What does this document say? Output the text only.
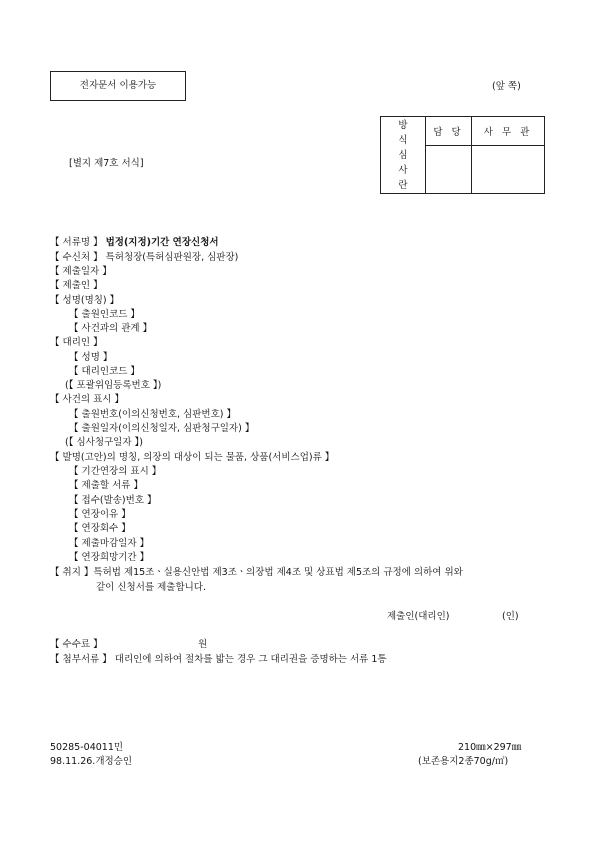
전자문서 이용가능	(앞 쪽)
[별지 제7호 서식]
방
식
심
사
란	담 당	사 무 관

【 서류명 】 법정(지정)기간 연장신청서
【 수신처 】 특허청장(특허심판원장, 심판장)
【 제출일자 】
【 제출인 】
【 성명(명칭) 】
【 출원인코드 】
【 사건과의 관계 】
【 대리인 】
【 성명 】
【 대리인코드 】
(【 포괄위임등록번호 】)
【 사건의 표시 】
【 출원번호(이의신청번호, 심판번호) 】
【 출원일자(이의신청일자, 심판청구일자) 】
(【 심사청구일자 】)
【 발명(고안)의 명칭, 의장의 대상이 되는 물품, 상품(서비스업)류 】
【 기간연장의 표시 】
【 제출할 서류 】
【 접수(발송)번호 】
【 연장이유 】
【 연장회수 】
【 제출마감일자 】
【 연장희망기간 】
【 취지 】특허법 제15조ㆍ실용신안법 제3조ㆍ의장법 제4조 및 상표법 제5조의 규정에 의하여 위와
같이 신청서를 제출합니다.
제출인(대리인)	(인)
【 수수료 】	원
【 첨부서류 】 대리인에 의하여 절차를 밟는 경우 그 대리권을 증명하는 서류 1통
50285-04011민
98.11.26.개정승인
210㎜×297㎜
(보존용지2종70g/㎡)
